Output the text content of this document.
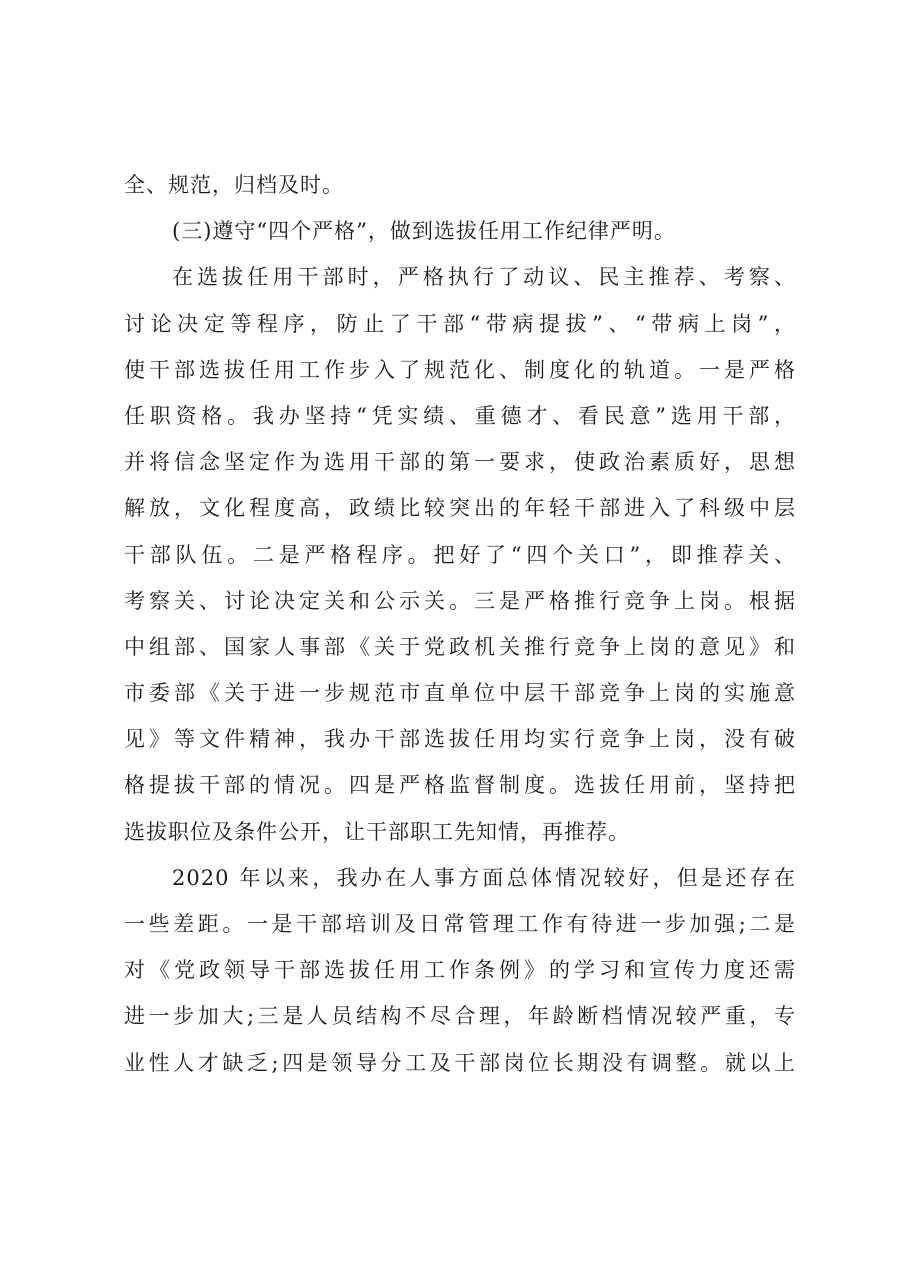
全、规范，归档及时。
(三)遵守“四个严格”，做到选拔任用工作纪律严明。
在选拔任用干部时，严格执行了动议、民主推荐、考察、
讨论决定等程序，防止了干部“带病提拔”、“带病上岗”，
使干部选拔任用工作步入了规范化、制度化的轨道。一是严格
任职资格。我办坚持“凭实绩、重德才、看民意”选用干部，
并将信念坚定作为选用干部的第一要求，使政治素质好，思想
解放，文化程度高，政绩比较突出的年轻干部进入了科级中层
干部队伍。二是严格程序。把好了“四个关口”，即推荐关、
考察关、讨论决定关和公示关。三是严格推行竞争上岗。根据
中组部、国家人事部《关于党政机关推行竞争上岗的意见》和
市委部《关于进一步规范市直单位中层干部竞争上岗的实施意
见》等文件精神，我办干部选拔任用均实行竞争上岗，没有破
格提拔干部的情况。四是严格监督制度。选拔任用前，坚持把
选拔职位及条件公开，让干部职工先知情，再推荐。
2020 年以来，我办在人事方面总体情况较好，但是还存在
一些差距。一是干部培训及日常管理工作有待进一步加强;二是
对《党政领导干部选拔任用工作条例》的学习和宣传力度还需
进一步加大;三是人员结构不尽合理，年龄断档情况较严重，专
业性人才缺乏;四是领导分工及干部岗位长期没有调整。就以上
